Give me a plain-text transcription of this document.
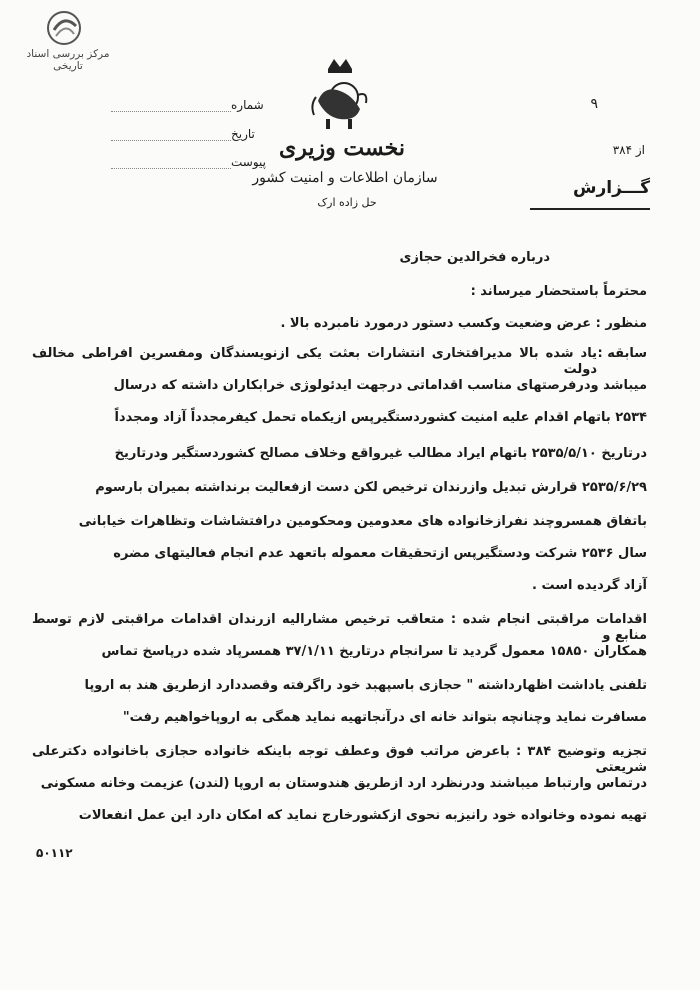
مرکز بررسی اسناد تاریخی
نخست وزیری
سازمان اطلاعات و امنیت کشور
حل زاده ارک
شماره
تاریخ
پیوست
۹
از ۳۸۴
گـــزارش
درباره فخرالدین حجازی
محترماً باستحضار میرساند :
منظور : عرض وضعیت وکسب دستور درمورد نامبرده بالا .
سابقه :
یاد شده بالا مدیرافتخاری انتشارات بعثت یکی ازنویسندگان ومفسرین افراطی مخالف دولت
میباشد ودرفرصتهای مناسب اقداماتی درجهت ایدئولوژی خرابکاران داشته که درسال
۲۵۳۴ باتهام اقدام علیه امنیت کشوردستگیرپس ازیکماه تحمل کیفرمجدداً آزاد ومجدداً
درتاریخ ۲۵۳۵/۵/۱۰ باتهام ایراد مطالب غیرواقع وخلاف مصالح کشوردستگیر ودرتاریخ
۲۵۳۵/۶/۲۹ قرارش تبدیل وازرندان ترخیص لکن دست ازفعالیت برنداشته بمیران بارسوم
باتفاق همسروچند نفرازخانواده های معدومین ومحکومین درافتشاشات وتظاهرات خیابانی
سال ۲۵۳۶ شرکت ودستگیرپس ازتحقیقات معموله باتعهد عدم انجام فعالیتهای مضره
آزاد گردیده است .
اقدامات مراقبتی انجام شده : متعاقب ترخیص مشارالیه ازرندان اقدامات مراقبتی لازم توسط منابع و
همکاران ۱۵۸۵۰ معمول گردید تا سرانجام درتاریخ ۳۷/۱/۱۱ همسرپاد شده درپاسخ تماس
تلفنی یاداشت اظهارداشته " حجازی باسپهبد خود راگرفته وقصددارد ازطریق هند به اروپا
مسافرت نماید وچنانچه بتواند خانه ای درآنجاتهیه نماید همگی به اروپاخواهیم رفت"
تجزیه وتوضیح ۳۸۴ : باعرض مراتب فوق وعطف توجه باینکه خانواده حجازی باخانواده دکترعلی شریعتی
درتماس وارتباط میباشند ودرنظرد ارد ازطریق هندوستان به اروپا (لندن) عزیمت وخانه مسکونی
تهیه نموده وخانواده خود رانیزبه نحوی ازکشورخارج نماید که امکان دارد این عمل انفعالات
۵۰۱۱۲
